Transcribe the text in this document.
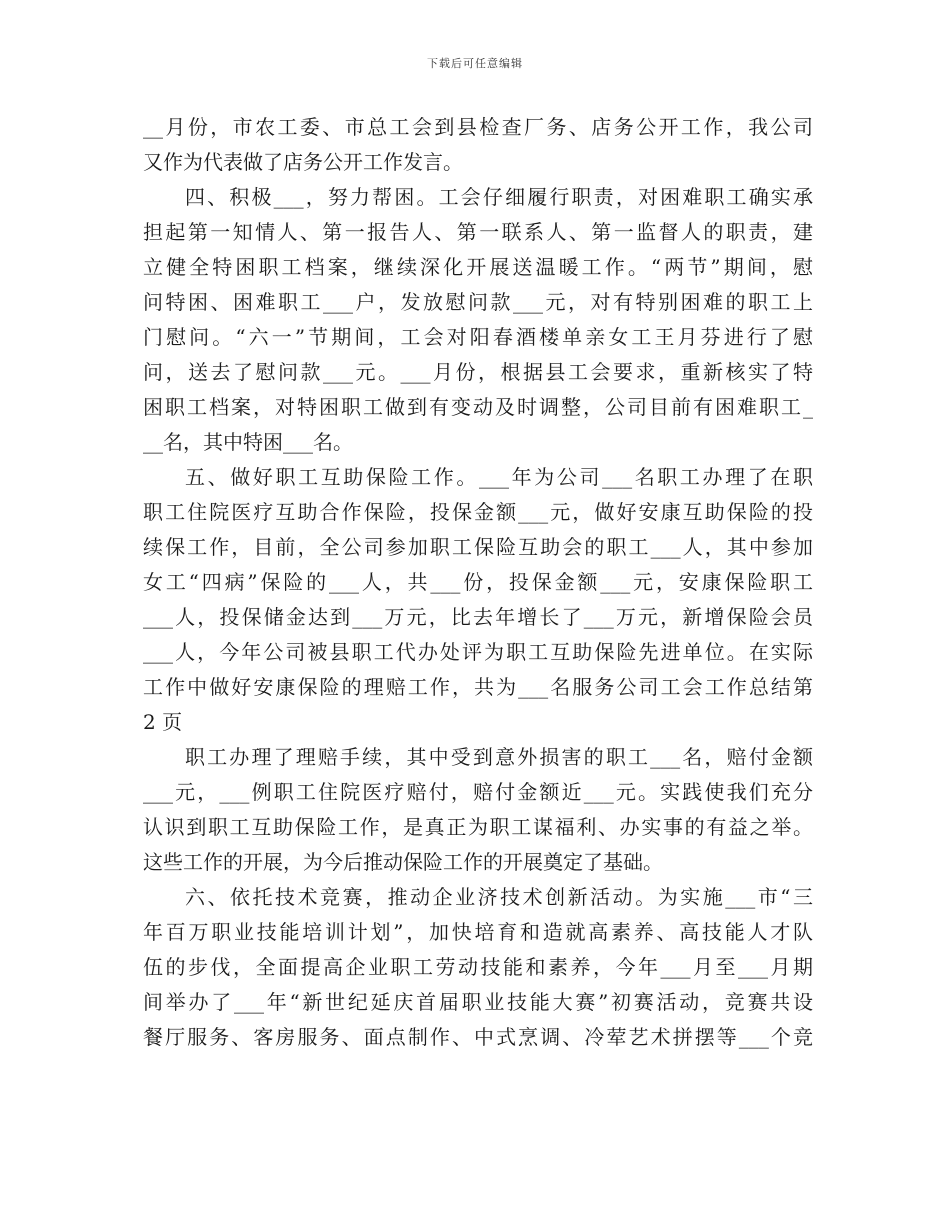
下载后可任意编辑
__月份，市农工委、市总工会到县检查厂务、店务公开工作，我公司
又作为代表做了店务公开工作发言。
四、积极___，努力帮困。工会仔细履行职责，对困难职工确实承
担起第一知情人、第一报告人、第一联系人、第一监督人的职责，建
立健全特困职工档案，继续深化开展送温暖工作。“两节”期间，慰
问特困、困难职工___户，发放慰问款___元，对有特别困难的职工上
门慰问。“六一”节期间，工会对阳春酒楼单亲女工王月芬进行了慰
问，送去了慰问款___元。___月份，根据县工会要求，重新核实了特
困职工档案，对特困职工做到有变动及时调整，公司目前有困难职工_
__名，其中特困___名。
五、做好职工互助保险工作。___年为公司___名职工办理了在职
职工住院医疗互助合作保险，投保金额___元，做好安康互助保险的投
续保工作，目前，全公司参加职工保险互助会的职工___人，其中参加
女工“四病”保险的___人，共___份，投保金额___元，安康保险职工
___人，投保储金达到___万元，比去年增长了___万元，新增保险会员
___人，今年公司被县职工代办处评为职工互助保险先进单位。在实际
工作中做好安康保险的理赔工作，共为___名服务公司工会工作总结第
2 页
职工办理了理赔手续，其中受到意外损害的职工___名，赔付金额
___元，___例职工住院医疗赔付，赔付金额近___元。实践使我们充分
认识到职工互助保险工作，是真正为职工谋福利、办实事的有益之举。
这些工作的开展，为今后推动保险工作的开展奠定了基础。
六、依托技术竞赛，推动企业济技术创新活动。为实施___市“三
年百万职业技能培训计划”，加快培育和造就高素养、高技能人才队
伍的步伐，全面提高企业职工劳动技能和素养，今年___月至___月期
间举办了___年“新世纪延庆首届职业技能大赛”初赛活动，竞赛共设
餐厅服务、客房服务、面点制作、中式烹调、冷荤艺术拼摆等___个竞
